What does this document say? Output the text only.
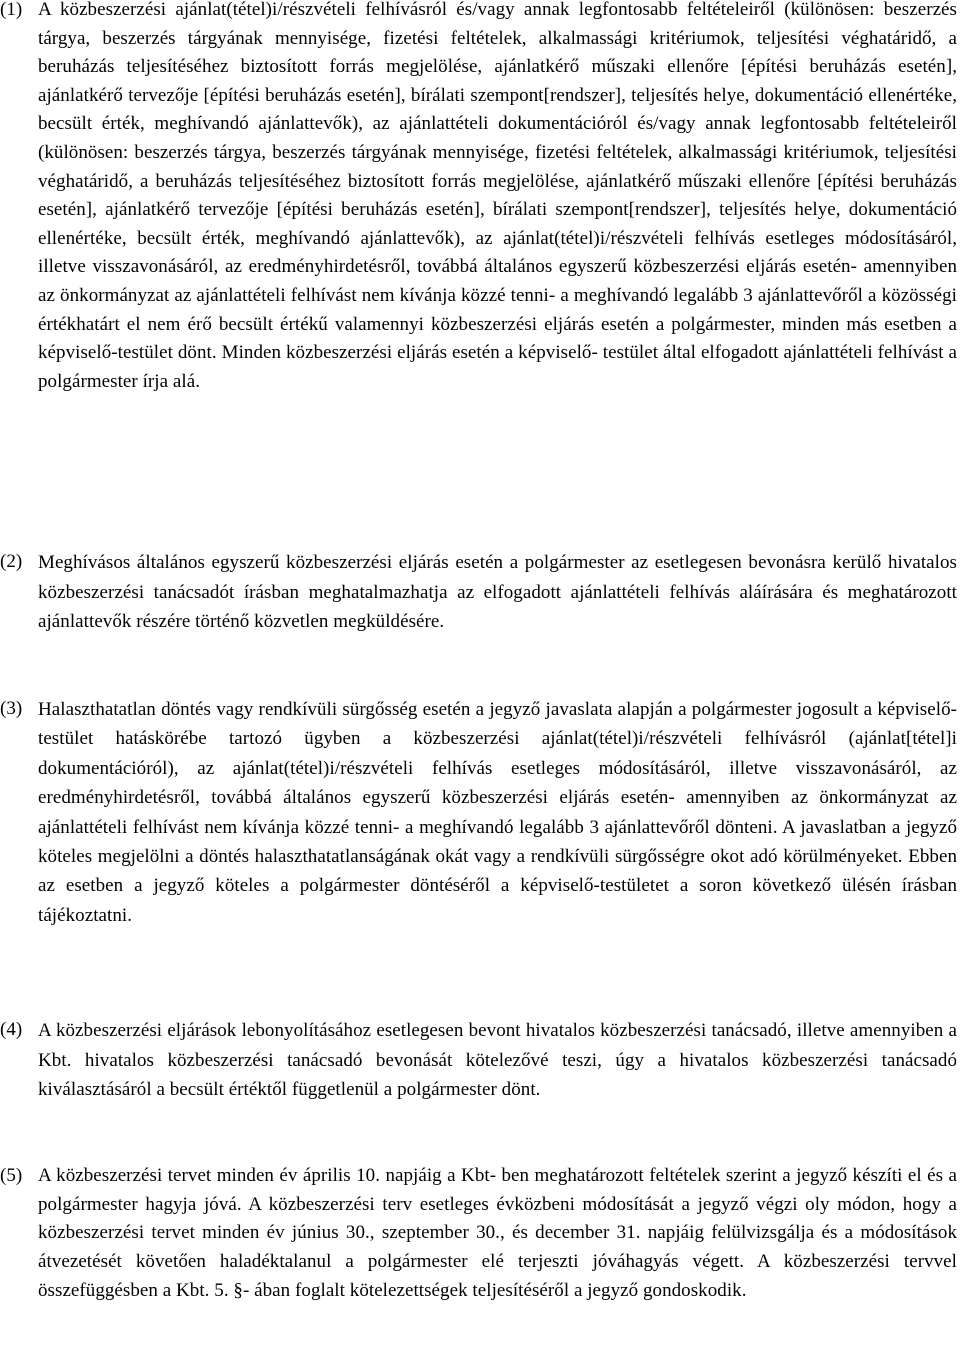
(1) A közbeszerzési ajánlat(tétel)i/részvételi felhívásról és/vagy annak legfontosabb feltételeiről (különösen: beszerzés tárgya, beszerzés tárgyának mennyisége, fizetési feltételek, alkalmassági kritériumok, teljesítési véghatáridő, a beruházás teljesítéséhez biztosított forrás megjelölése, ajánlatkérő műszaki ellenőre [építési beruházás esetén], ajánlatkérő tervezője [építési beruházás esetén], bírálati szempont[rendszer], teljesítés helye, dokumentáció ellenértéke, becsült érték, meghívandó ajánlattevők), az ajánlattételi dokumentációról és/vagy annak legfontosabb feltételeiről (különösen: beszerzés tárgya, beszerzés tárgyának mennyisége, fizetési feltételek, alkalmassági kritériumok, teljesítési véghatáridő, a beruházás teljesítéséhez biztosított forrás megjelölése, ajánlatkérő műszaki ellenőre [építési beruházás esetén], ajánlatkérő tervezője [építési beruházás esetén], bírálati szempont[rendszer], teljesítés helye, dokumentáció ellenértéke, becsült érték, meghívandó ajánlattevők), az ajánlat(tétel)i/részvételi felhívás esetleges módosításáról, illetve visszavonásáról, az eredményhirdetésről, továbbá általános egyszerű közbeszerzési eljárás esetén- amennyiben az önkormányzat az ajánlattételi felhívást nem kívánja közzé tenni- a meghívandó legalább 3 ajánlattevőről a közösségi értékhatárt el nem érő becsült értékű valamennyi közbeszerzési eljárás esetén a polgármester, minden más esetben a képviselő-testület dönt. Minden közbeszerzési eljárás esetén a képviselő- testület által elfogadott ajánlattételi felhívást a polgármester írja alá.
(2) Meghívásos általános egyszerű közbeszerzési eljárás esetén a polgármester az esetlegesen bevonásra kerülő hivatalos közbeszerzési tanácsadót írásban meghatalmazhatja az elfogadott ajánlattételi felhívás aláírására és meghatározott ajánlattevők részére történő közvetlen megküldésére.
(3) Halaszthatatlan döntés vagy rendkívüli sürgősség esetén a jegyző javaslata alapján a polgármester jogosult a képviselő- testület hatáskörébe tartozó ügyben a közbeszerzési ajánlat(tétel)i/részvételi felhívásról (ajánlat[tétel]i dokumentációról), az ajánlat(tétel)i/részvételi felhívás esetleges módosításáról, illetve visszavonásáról, az eredményhirdetésről, továbbá általános egyszerű közbeszerzési eljárás esetén- amennyiben az önkormányzat az ajánlattételi felhívást nem kívánja közzé tenni- a meghívandó legalább 3 ajánlattevőről dönteni. A javaslatban a jegyző köteles megjelölni a döntés halaszthatatlanságának okát vagy a rendkívüli sürgősségre okot adó körülményeket. Ebben az esetben a jegyző köteles a polgármester döntéséről a képviselő-testületet a soron következő ülésén írásban tájékoztatni.
(4) A közbeszerzési eljárások lebonyolításához esetlegesen bevont hivatalos közbeszerzési tanácsadó, illetve amennyiben a Kbt. hivatalos közbeszerzési tanácsadó bevonását kötelezővé teszi, úgy a hivatalos közbeszerzési tanácsadó kiválasztásáról a becsült értéktől függetlenül a polgármester dönt.
(5) A közbeszerzési tervet minden év április 10. napjáig a Kbt- ben meghatározott feltételek szerint a jegyző készíti el és a polgármester hagyja jóvá. A közbeszerzési terv esetleges évközbeni módosítását a jegyző végzi oly módon, hogy a közbeszerzési tervet minden év június 30., szeptember 30., és december 31. napjáig felülvizsgálja és a módosítások átvezetését követően haladéktalanul a polgármester elé terjeszti jóváhagyás végett. A közbeszerzési tervvel összefüggésben a Kbt. 5. §- ában foglalt kötelezettségek teljesítéséről a jegyző gondoskodik.
